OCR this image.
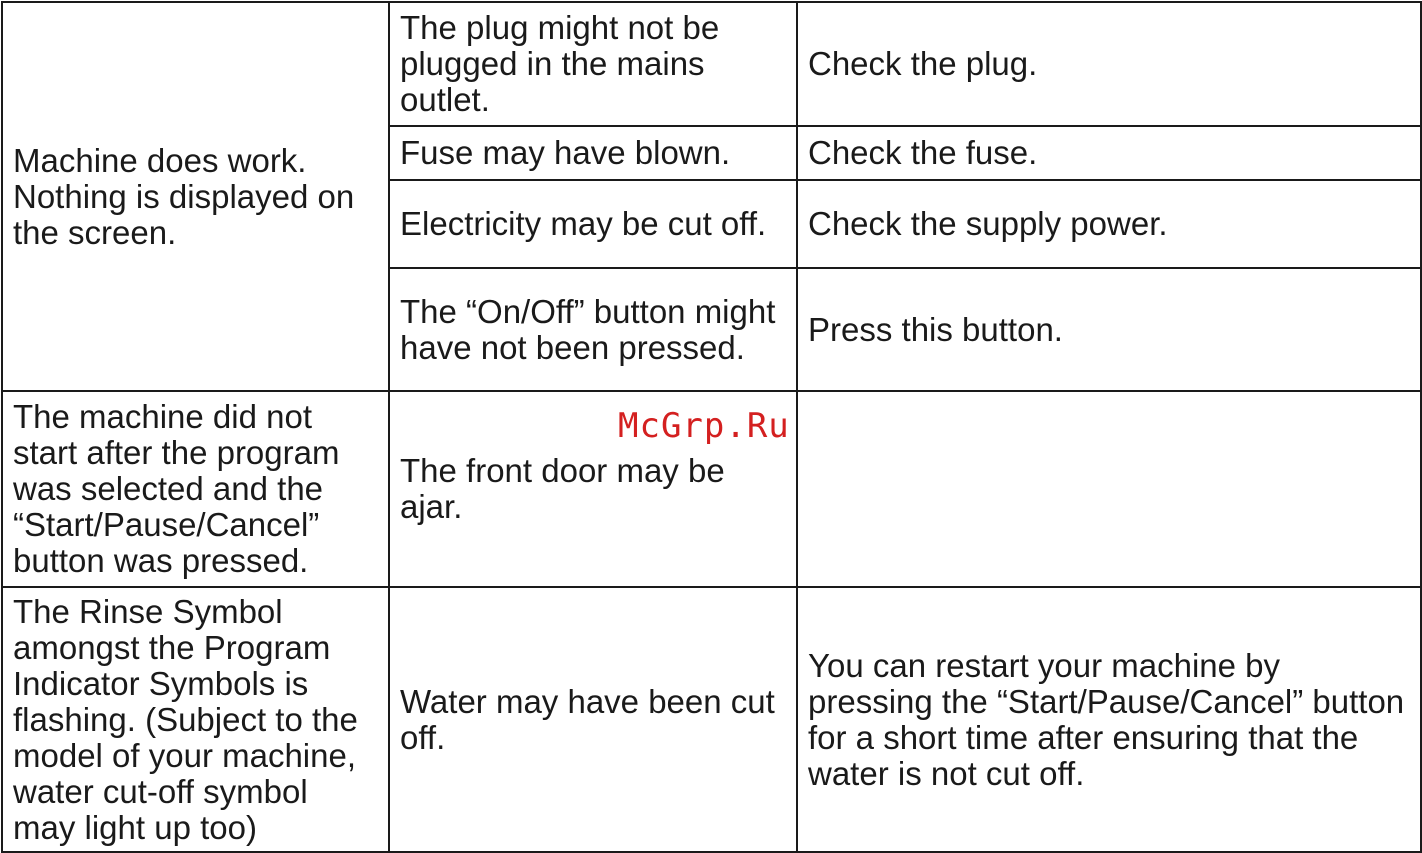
Machine does work. Nothing is displayed on the screen.	The plug might not be plugged in the mains outlet.	Check the plug.
	Fuse may have blown.	Check the fuse.
	Electricity may be cut off.	Check the supply power.
	The “On/Off” button might have not been pressed.	Press this button.
The machine did not start after the program was selected and the “Start/Pause/Cancel” button was pressed.	The front door may be ajar.	
The Rinse Symbol amongst the Program Indicator Symbols is flashing. (Subject to the model of your machine, water cut-off symbol may light up too)	Water may have been cut off.	You can restart your machine by pressing the “Start/Pause/Cancel” button for a short time after ensuring that the water is not cut off.
McGrp.Ru
